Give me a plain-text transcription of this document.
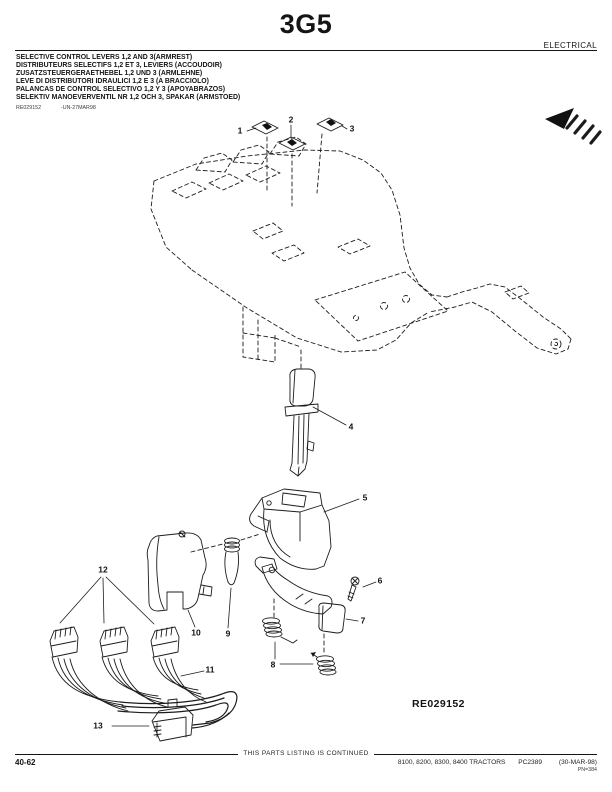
3G5
ELECTRICAL
SELECTIVE CONTROL LEVERS 1,2 AND 3(ARMREST)
DISTRIBUTEURS SELECTIFS 1,2 ET 3, LEVIERS (ACCOUDOIR)
ZUSATZSTEUERGERAETHEBEL 1,2 UND 3 (ARMLEHNE)
LEVE DI DISTRIBUTORI IDRAULICI 1,2 E 3 (A BRACCIOLO)
PALANCAS DE CONTROL SELECTIVO 1,2 Y 3 (APOYABRAZOS)
SELEKTIV MANOEVERVENTIL NR 1,2 OCH 3, SPAKAR (ARMSTOED)
RE029152	-UN-27MAR98
1
2
3
4
5
6
7
8
9
10
11
12
13
RE029152
THIS PARTS LISTING IS CONTINUED
40-62	8100, 8200, 8300, 8400 TRACTORS PC2389	(30-MAR-98)
PN=384
